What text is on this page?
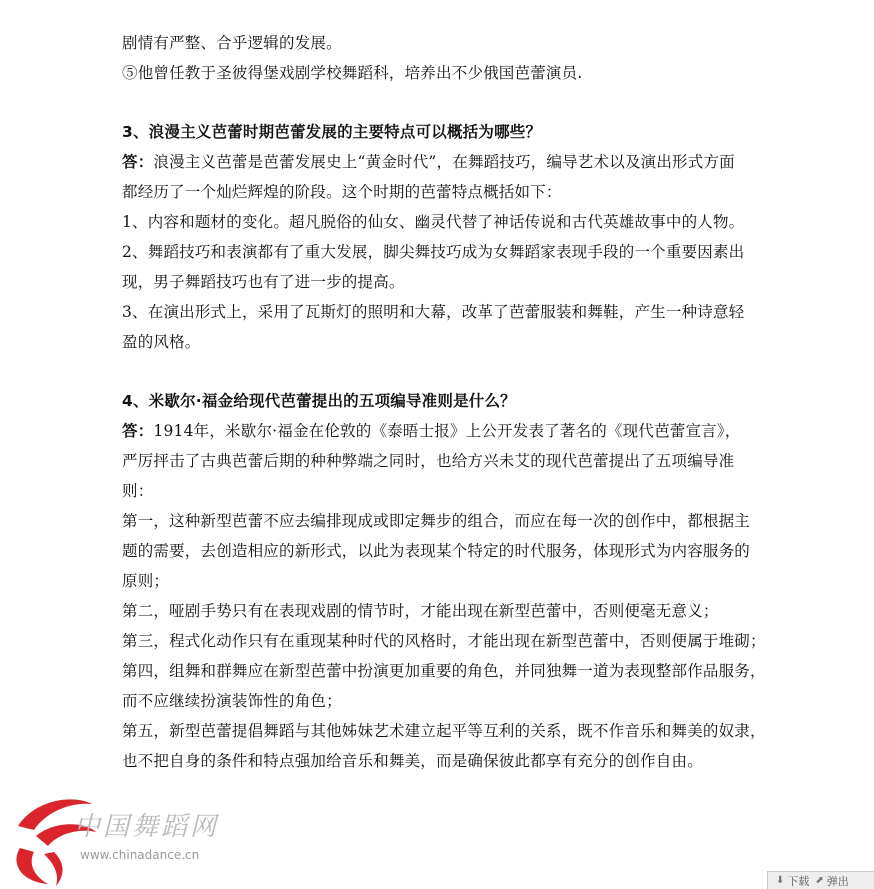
剧情有严整、合乎逻辑的发展。
⑤他曾任教于圣彼得堡戏剧学校舞蹈科，培养出不少俄国芭蕾演员.
3、浪漫主义芭蕾时期芭蕾发展的主要特点可以概括为哪些？
答：浪漫主义芭蕾是芭蕾发展史上“黄金时代”，在舞蹈技巧，编导艺术以及演出形式方面
都经历了一个灿烂辉煌的阶段。这个时期的芭蕾特点概括如下：
1、内容和题材的变化。超凡脱俗的仙女、幽灵代替了神话传说和古代英雄故事中的人物。
2、舞蹈技巧和表演都有了重大发展，脚尖舞技巧成为女舞蹈家表现手段的一个重要因素出
现，男子舞蹈技巧也有了进一步的提高。
3、在演出形式上，采用了瓦斯灯的照明和大幕，改革了芭蕾服装和舞鞋，产生一种诗意轻
盈的风格。
4、米歇尔·福金给现代芭蕾提出的五项编导准则是什么？
答：1914年，米歇尔·福金在伦敦的《泰晤士报》上公开发表了著名的《现代芭蕾宣言》，
严厉抨击了古典芭蕾后期的种种弊端之同时，也给方兴未艾的现代芭蕾提出了五项编导准
则：
第一，这种新型芭蕾不应去编排现成或即定舞步的组合，而应在每一次的创作中，都根据主
题的需要，去创造相应的新形式，以此为表现某个特定的时代服务，体现形式为内容服务的
原则；
第二，哑剧手势只有在表现戏剧的情节时，才能出现在新型芭蕾中，否则便毫无意义；
第三，程式化动作只有在重现某种时代的风格时，才能出现在新型芭蕾中，否则便属于堆砌；
第四，组舞和群舞应在新型芭蕾中扮演更加重要的角色，并同独舞一道为表现整部作品服务，
而不应继续扮演装饰性的角色；
第五，新型芭蕾提倡舞蹈与其他姊妹艺术建立起平等互利的关系，既不作音乐和舞美的奴隶，
也不把自身的条件和特点强加给音乐和舞美，而是确保彼此都享有充分的创作自由。
中国舞蹈网
www.chinadance.cn
⬇ 下载 ⬈ 弹出
